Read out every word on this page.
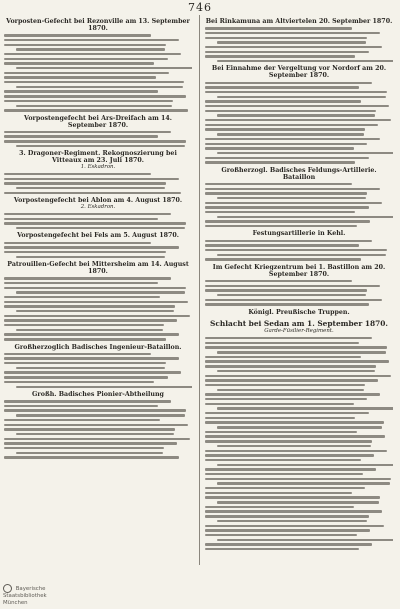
746
Vorposten-Gefecht bei Rezonville am 13. September 1870.
Vorpostengefecht bei Ars-Dreifach am 14. September 1870.
3. Dragoner-Regiment. Rekognoszierung bei Vitteaux am 23. Juli 1870.
1. Eskadron.
Vorpostengefecht bei Ablon am 4. August 1870.
2. Eskadron.
Vorpostengefecht bei Fels am 5. August 1870.
Patrouillen-Gefecht bei Mittersheim am 14. August 1870.
Großherzoglich Badisches Ingenieur-Bataillon.
Großh. Badisches Pionier-Abtheilung
Bei Rinkamuna am Altviertelen 20. September 1870.
Bei Einnahme der Vergeltung vor Nordorf am 20. September 1870.
Großherzogl. Badisches Feldungs-Artillerie. Bataillon
Festungsartillerie in Kehl.
Im Gefecht Kriegzentrum bei 1. Bastillon am 20. September 1870.
Königl. Preußische Truppen.
Schlacht bei Sedan am 1. September 1870.
Garde-Füsilier-Regiment.
Bayerische
Staatsbibliothek
München
